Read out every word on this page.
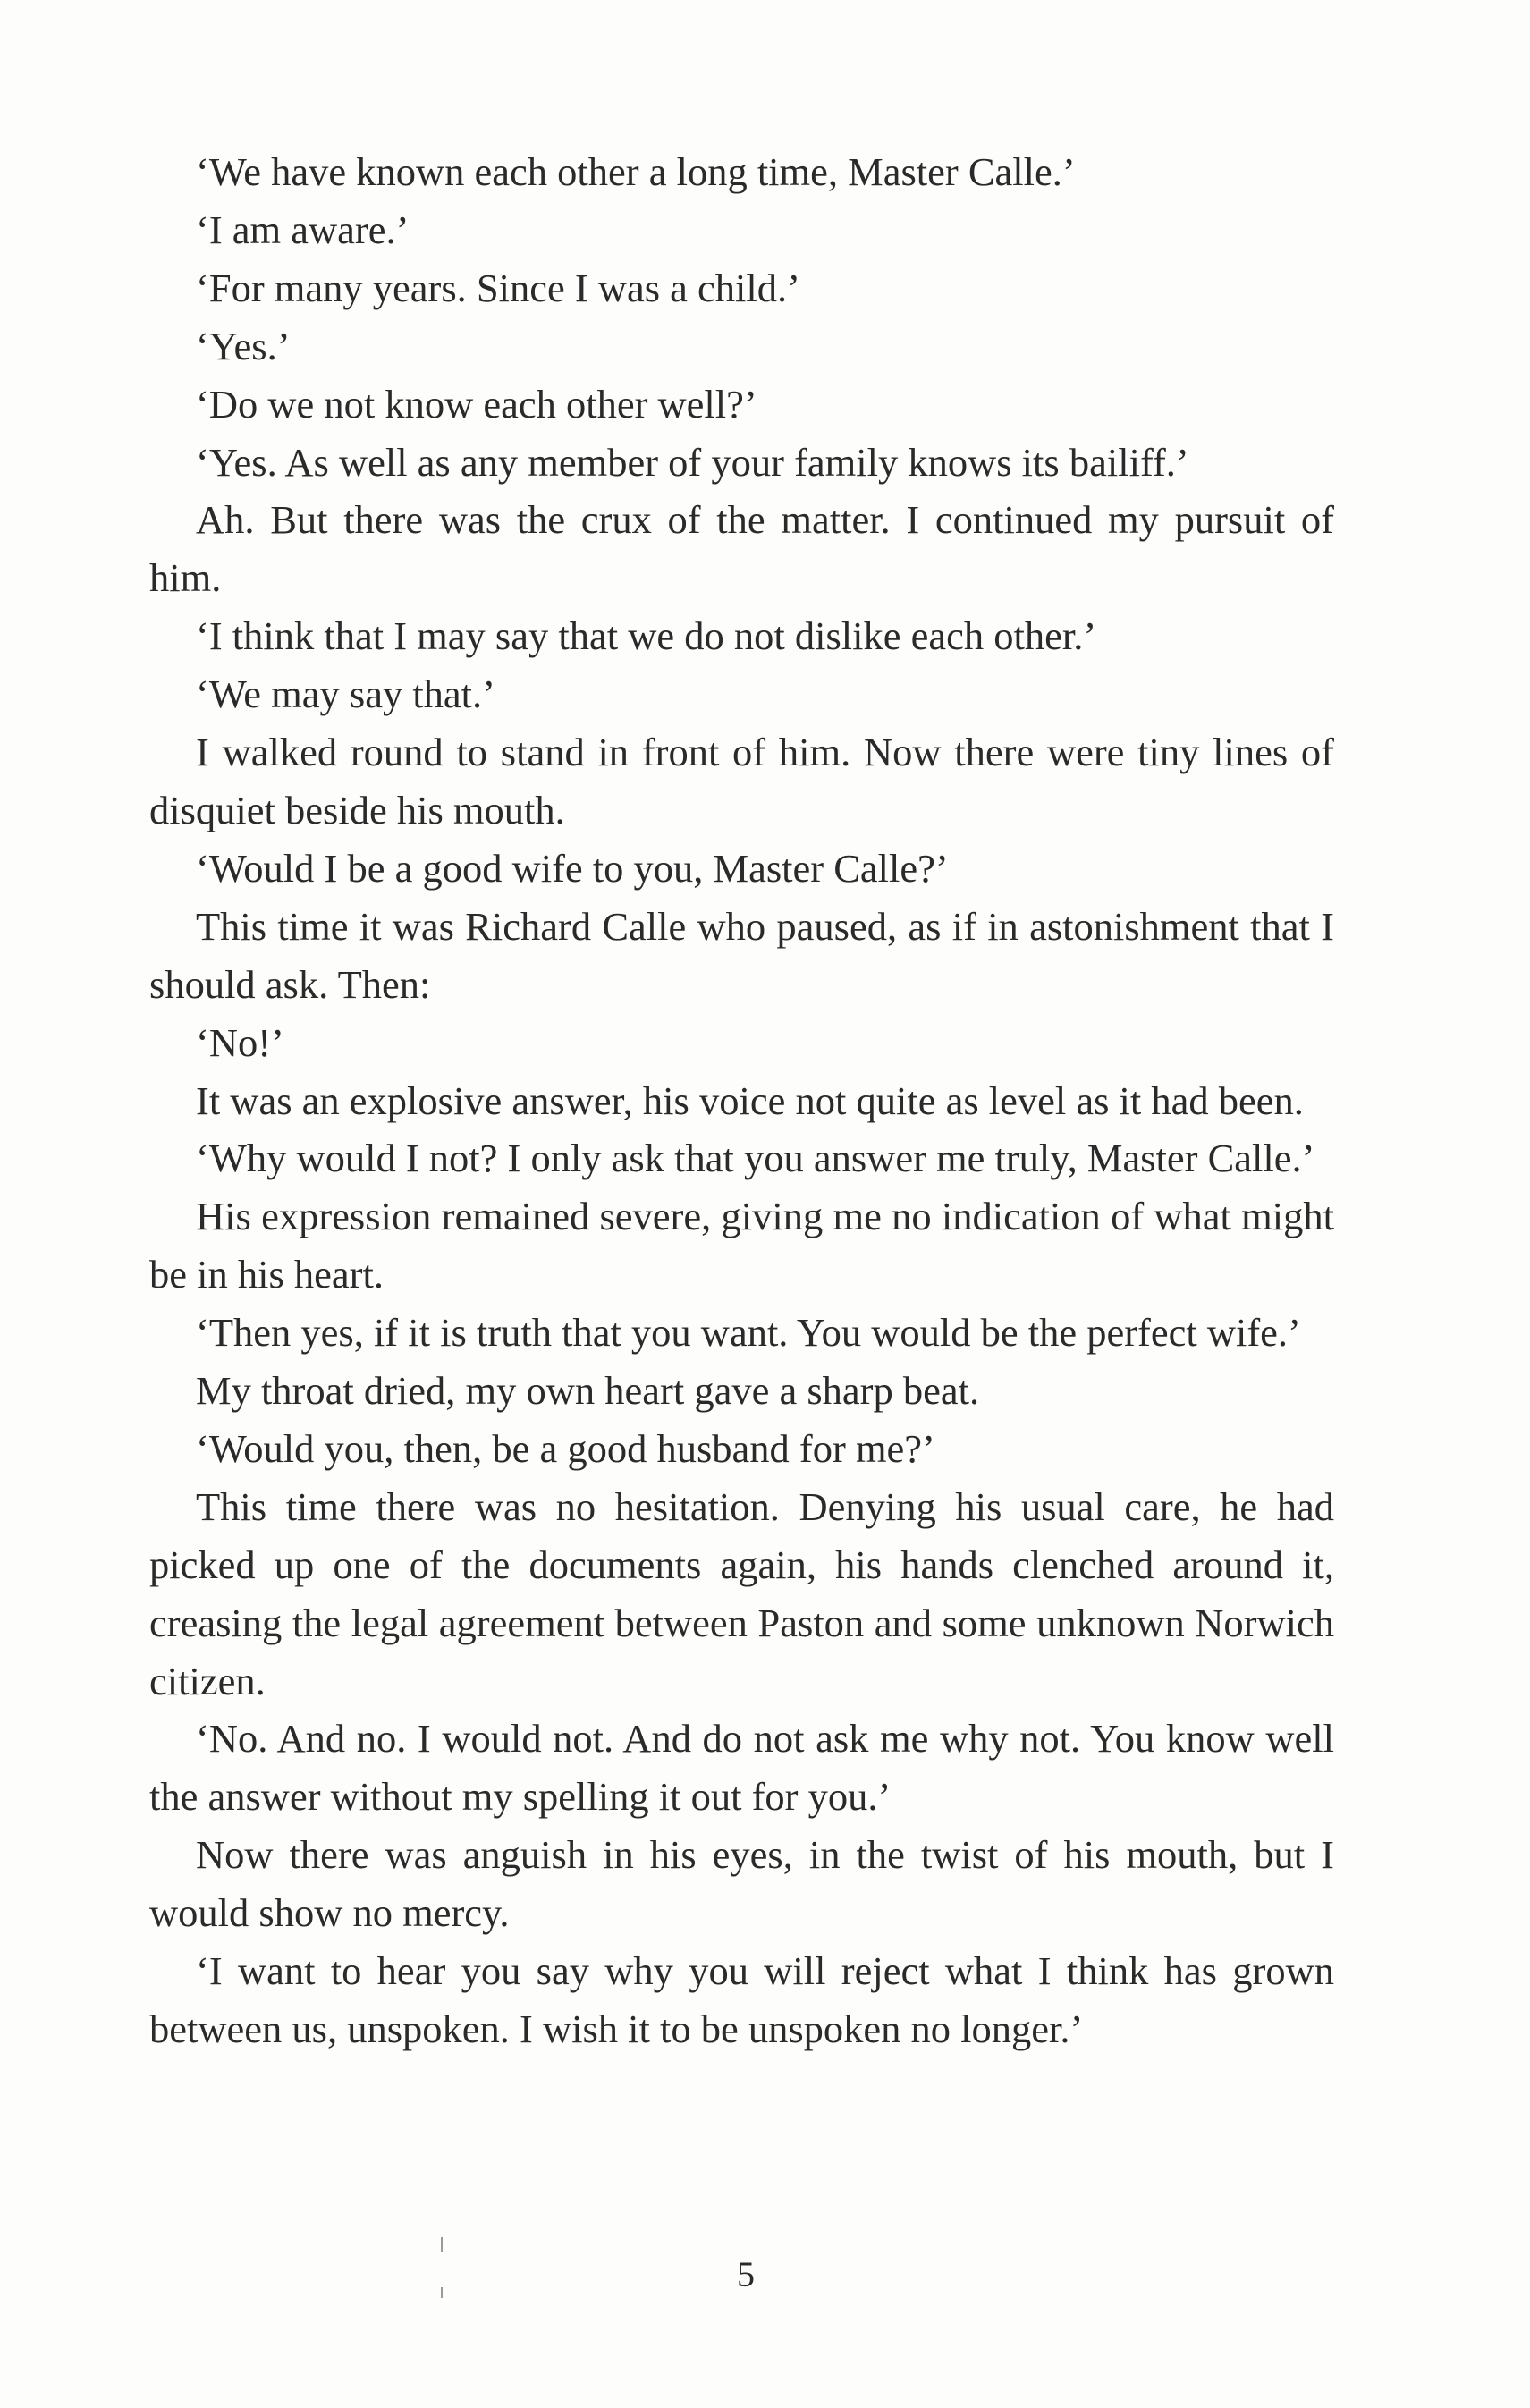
‘We have known each other a long time, Master Calle.’

‘I am aware.’

‘For many years. Since I was a child.’

‘Yes.’

‘Do we not know each other well?’

‘Yes. As well as any member of your family knows its bailiff.’

Ah. But there was the crux of the matter. I continued my pursuit of him.

‘I think that I may say that we do not dislike each other.’

‘We may say that.’

I walked round to stand in front of him. Now there were tiny lines of disquiet beside his mouth.

‘Would I be a good wife to you, Master Calle?’

This time it was Richard Calle who paused, as if in astonishment that I should ask. Then:

‘No!’

It was an explosive answer, his voice not quite as level as it had been.

‘Why would I not? I only ask that you answer me truly, Master Calle.’

His expression remained severe, giving me no indication of what might be in his heart.

‘Then yes, if it is truth that you want. You would be the perfect wife.’

My throat dried, my own heart gave a sharp beat.

‘Would you, then, be a good husband for me?’

This time there was no hesitation. Denying his usual care, he had picked up one of the documents again, his hands clenched around it, creasing the legal agreement between Paston and some unknown Norwich citizen.

‘No. And no. I would not. And do not ask me why not. You know well the answer without my spelling it out for you.’

Now there was anguish in his eyes, in the twist of his mouth, but I would show no mercy.

‘I want to hear you say why you will reject what I think has grown between us, unspoken. I wish it to be unspoken no longer.’

5
